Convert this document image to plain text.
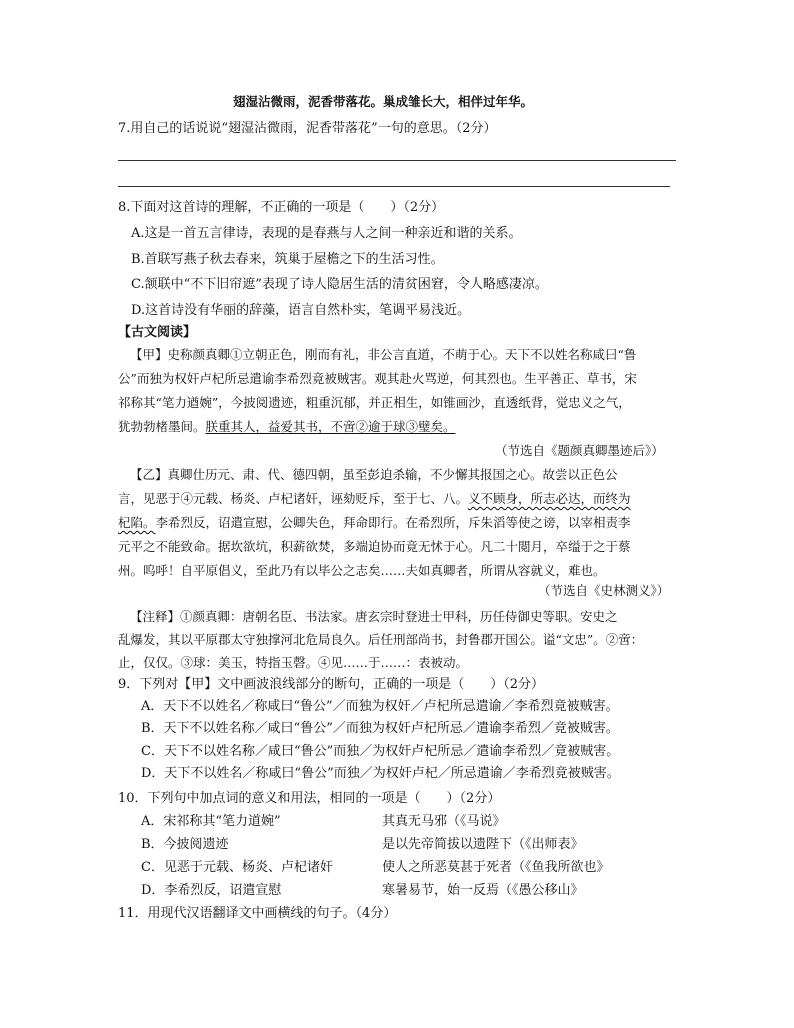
翅湿沾微雨，泥香带落花。巢成雏长大，相伴过年华。
7.用自己的话说说“翅湿沾微雨，泥香带落花”一句的意思。（2分）
8.下面对这首诗的理解，不正确的一项是（　　）（2分）
A.这是一首五言律诗，表现的是春燕与人之间一种亲近和谐的关系。
B.首联写燕子秋去春来，筑巢于屋檐之下的生活习性。
C.颔联中“不下旧帘遮”表现了诗人隐居生活的清贫困窘，令人略感凄凉。
D.这首诗没有华丽的辞藻，语言自然朴实，笔调平易浅近。
【古文阅读】
【甲】史称颜真卿①立朝正色，刚而有礼，非公言直道，不萌于心。天下不以姓名称咸曰“鲁
公”而独为权奸卢杞所忌遣谕李希烈竟被贼害。观其赴火骂逆，何其烈也。生平善正、草书，宋
祁称其“笔力遒婉”，今披阅遗迹，粗重沉郁，并正相生，如锥画沙，直透纸背，觉忠义之气，
犹勃勃楮墨间。朕重其人，益爱其书，不啻②逾于球③璧矣。
（节选自《题颜真卿墨迹后》）
【乙】真卿仕历元、肃、代、德四朝，虽至彭迫杀输，不少懈其报国之心。故尝以正色公
言，见恶于④元载、杨炎、卢杞诸奸，诬劾贬斥，至于七、八。义不顾身，所志必达，而终为
杞陷。李希烈反，诏遣宣慰，公卿失色，拜命即行。在希烈所，斥朱滔等使之谤，以宰相责李
元平之不能致命。据坎欲坑，积薪欲焚，多端迫协而竟无怵于心。凡二十閲月，卒缢于之于蔡
州。呜呼！自平原倡义，至此乃有以毕公之志矣……夫如真卿者，所谓从容就义，难也。
（节选自《史林测义》）
【注释】①颜真卿：唐朝名臣、书法家。唐玄宗时登进士甲科，历任侍御史等职。安史之
乱爆发，其以平原郡太守独撑河北危局良久。后任刑部尚书，封鲁郡开国公。谥“文忠”。②啻：
止，仅仅。③球：美玉，特指玉磬。④见……于……：表被动。
9．下列对【甲】文中画波浪线部分的断句，正确的一项是（　　）（2分）
A．天下不以姓名／称咸曰“鲁公”／而独为权奸／卢杞所忌遣谕／李希烈竟被贼害。
B．天下不以姓名称／咸曰“鲁公”／而独为权奸卢杞所忌／遣谕李希烈／竟被贼害。
C．天下不以姓名称／咸曰“鲁公”而独／为权奸卢杞所忌／遣谕李希烈／竟被贼害。
D．天下不以姓名／称咸曰“鲁公”而独／为权奸卢杞／所忌遣谕／李希烈竟被贼害。
10．下列句中加点词的意义和用法，相同的一项是（　　）（2分）
A．宋祁称其“笔力道婉”	其真无马邪（《马说》
B．今披阅遗迹	是以先帝简拔以遗陛下（《出师表》
C．见恶于元载、杨炎、卢杞诸奸	使人之所恶莫甚于死者（《鱼我所欲也》
D．李希烈反，诏遣宣慰	寒暑易节，始一反焉（《愚公移山》
11．用现代汉语翻译文中画横线的句子。（4分）
